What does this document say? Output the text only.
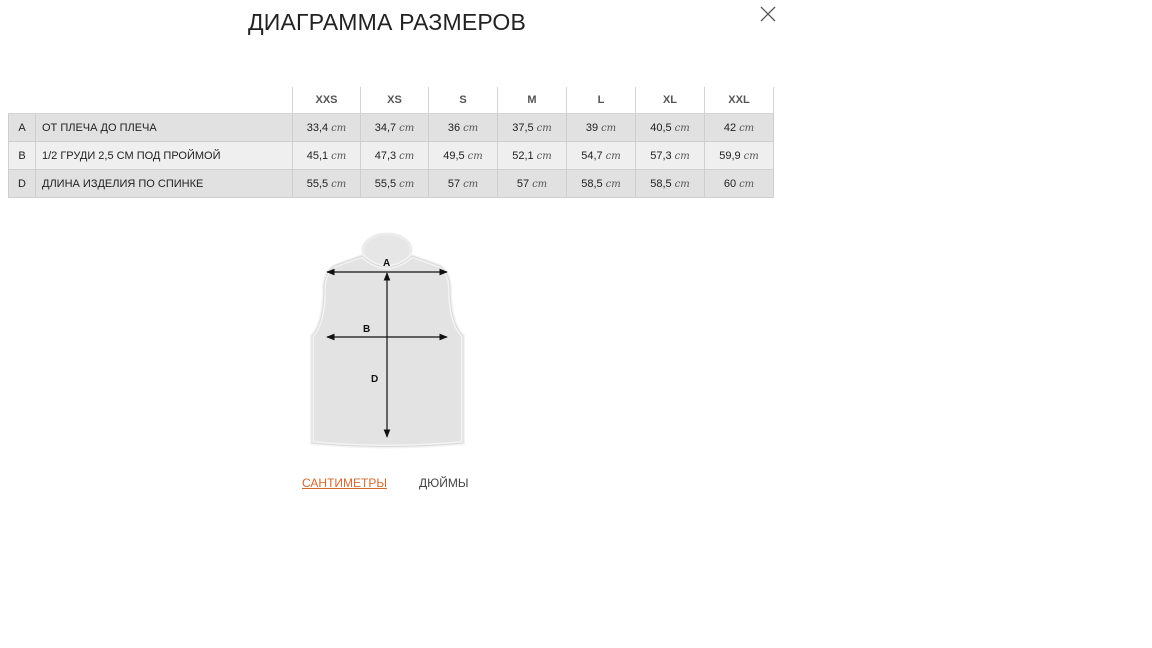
ДИАГРАММА РАЗМЕРОВ
		XXS	XS	S	M	L	XL	XXL
A	ОТ ПЛЕЧА ДО ПЛЕЧА	33,4 cm	34,7 cm	36 cm	37,5 cm	39 cm	40,5 cm	42 cm
B	1/2 ГРУДИ 2,5 СМ ПОД ПРОЙМОЙ	45,1 cm	47,3 cm	49,5 cm	52,1 cm	54,7 cm	57,3 cm	59,9 cm
D	ДЛИНА ИЗДЕЛИЯ ПО СПИНКЕ	55,5 cm	55,5 cm	57 cm	57 cm	58,5 cm	58,5 cm	60 cm
A
B
D
САНТИМЕТРЫ	ДЮЙМЫ
